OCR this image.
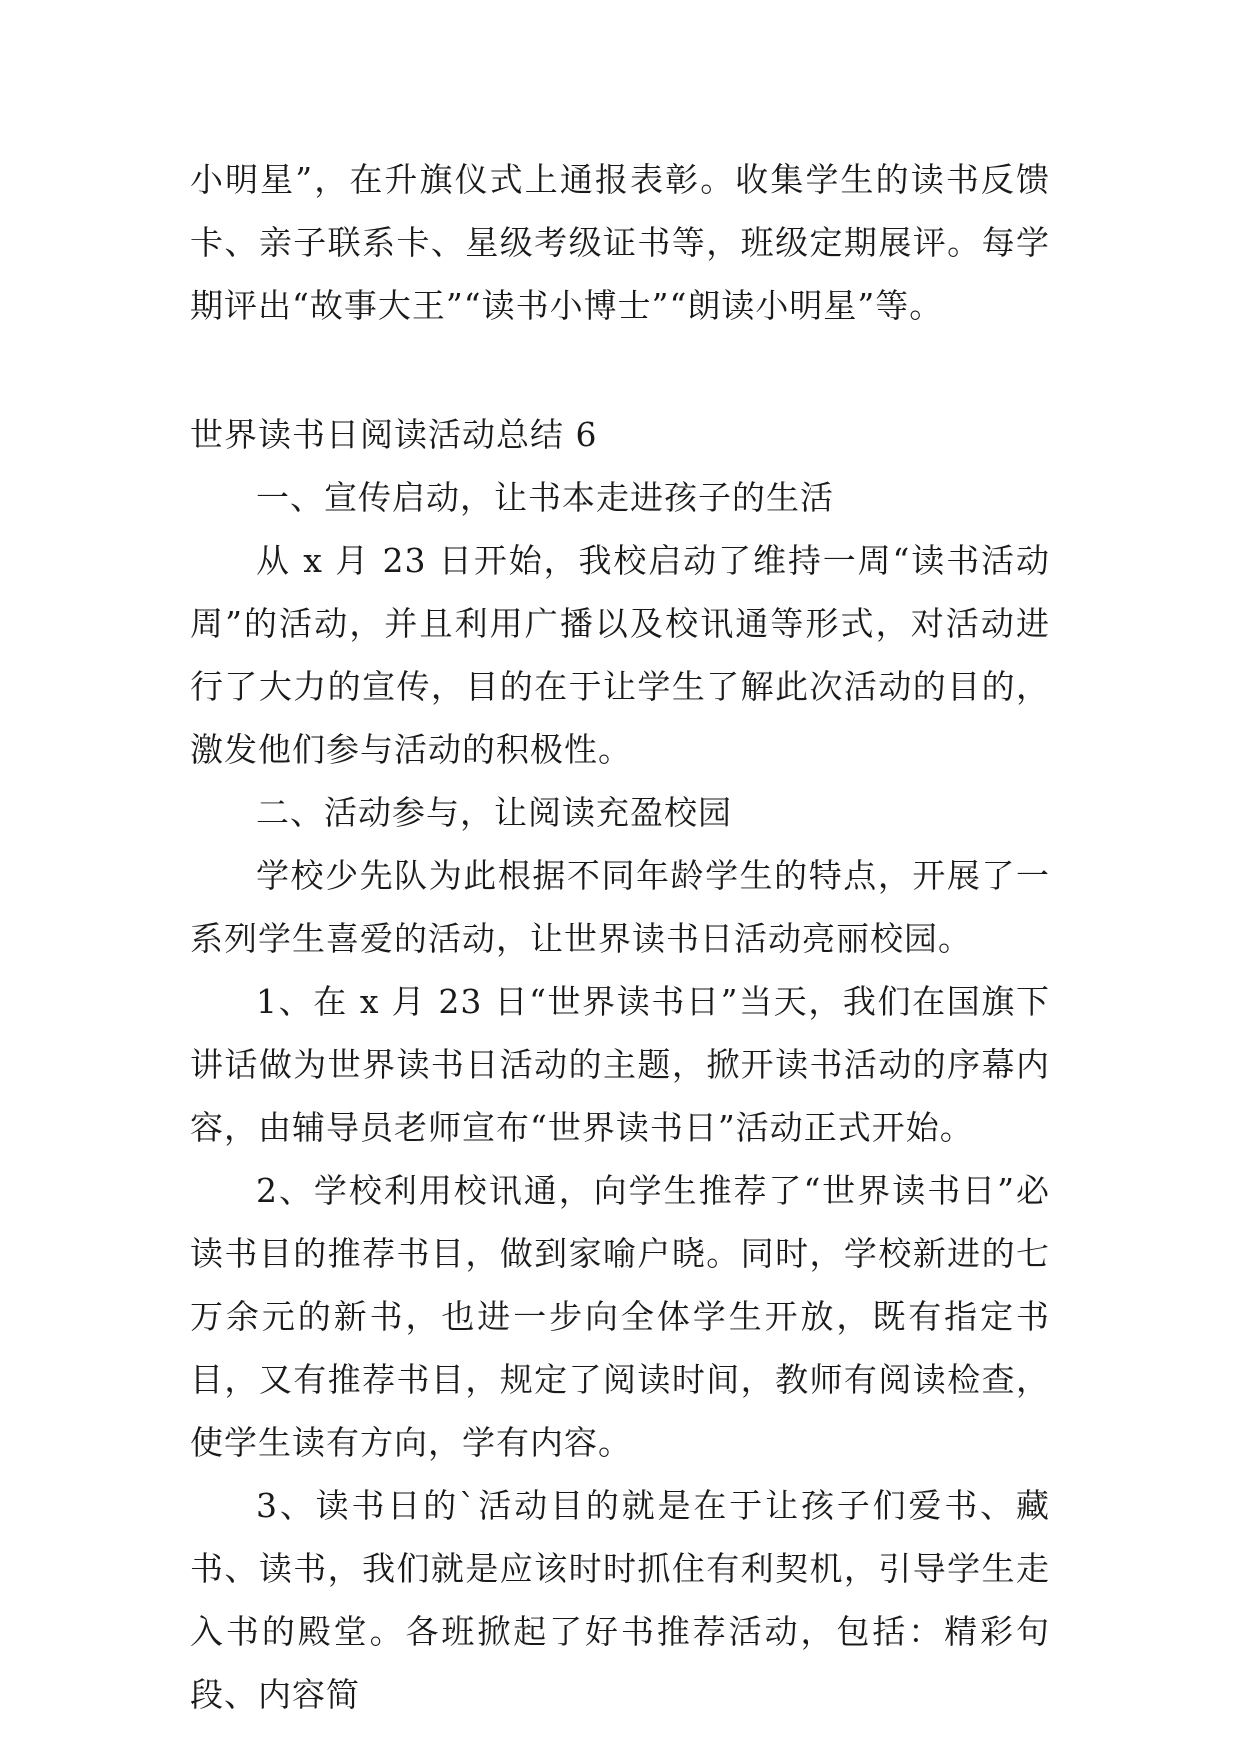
小明星”，在升旗仪式上通报表彰。收集学生的读书反馈卡、亲子联系卡、星级考级证书等，班级定期展评。每学期评出“故事大王”“读书小博士”“朗读小明星”等。

世界读书日阅读活动总结 6

一、宣传启动，让书本走进孩子的生活

从 x 月 23 日开始，我校启动了维持一周“读书活动周”的活动，并且利用广播以及校讯通等形式，对活动进行了大力的宣传，目的在于让学生了解此次活动的目的，激发他们参与活动的积极性。

二、活动参与，让阅读充盈校园

学校少先队为此根据不同年龄学生的特点，开展了一系列学生喜爱的活动，让世界读书日活动亮丽校园。

1、在 x 月 23 日“世界读书日”当天，我们在国旗下讲话做为世界读书日活动的主题，掀开读书活动的序幕内容，由辅导员老师宣布“世界读书日”活动正式开始。

2、学校利用校讯通，向学生推荐了“世界读书日”必读书目的推荐书目，做到家喻户晓。同时，学校新进的七万余元的新书，也进一步向全体学生开放，既有指定书目，又有推荐书目，规定了阅读时间，教师有阅读检查，使学生读有方向，学有内容。

3、读书日的`活动目的就是在于让孩子们爱书、藏书、读书，我们就是应该时时抓住有利契机，引导学生走入书的殿堂。各班掀起了好书推荐活动，包括：精彩句段、内容简
